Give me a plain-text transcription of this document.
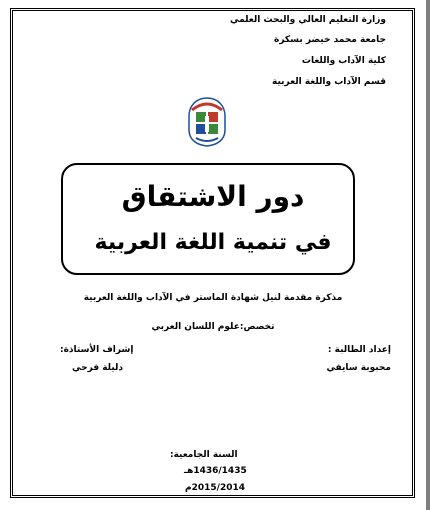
وزارة التعليم العالي والبحث العلمي
جامعة محمد خيضر بسكرة
كلية الآداب واللغات
قسم الآداب واللغة العربية
دور الاشتقاق
في تنمية اللغة العربية
مذكرة مقدمة لنيل شهادة الماستر في الآداب واللغة العربية
تخصص:علوم اللسان العربي
إعداد الطالبة :
محبوبة سايفي
إشراف الأستاذة:
دليلة فرحي
السنة الجامعية:
1436/1435هـ
2015/2014م
